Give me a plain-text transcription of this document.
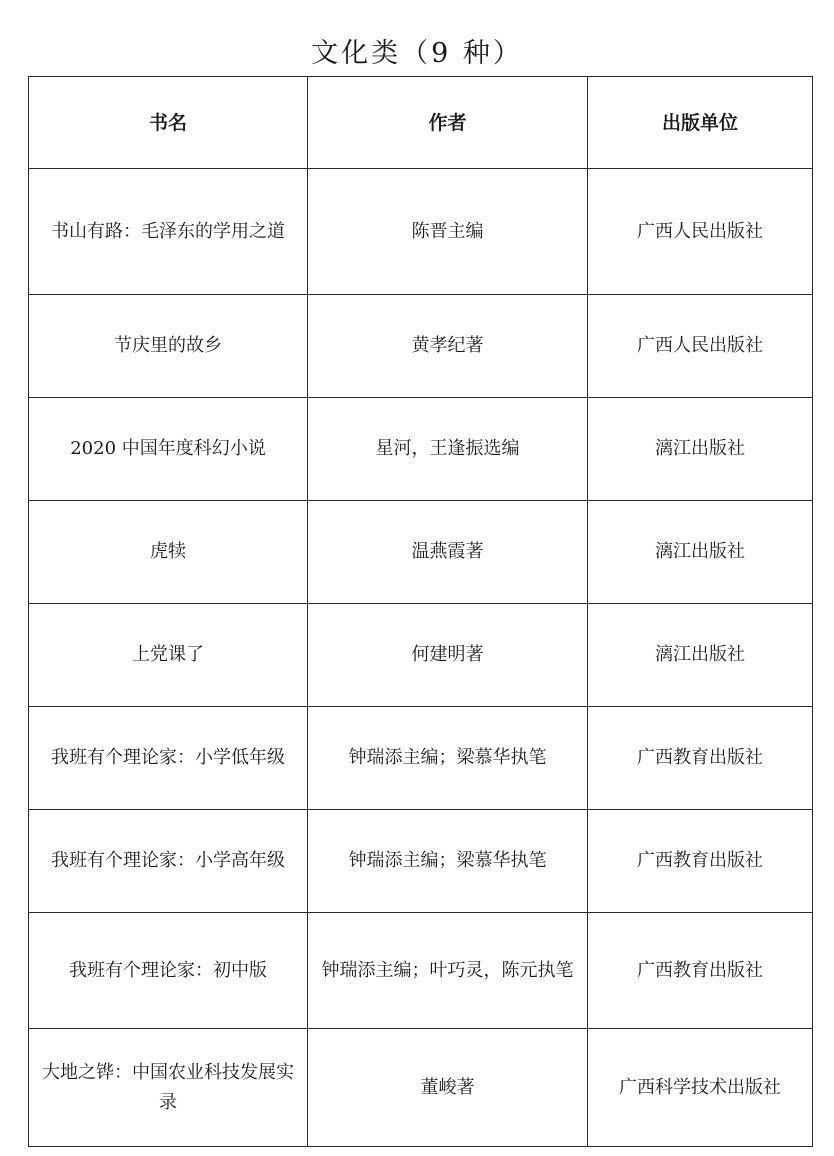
文化类（9 种）
书名	作者	出版单位
书山有路：毛泽东的学用之道	陈晋主编	广西人民出版社
节庆里的故乡	黄孝纪著	广西人民出版社
2020 中国年度科幻小说	星河，王逢振选编	漓江出版社
虎犊	温燕霞著	漓江出版社
上党课了	何建明著	漓江出版社
我班有个理论家：小学低年级	钟瑞添主编；梁慕华执笔	广西教育出版社
我班有个理论家：小学高年级	钟瑞添主编；梁慕华执笔	广西教育出版社
我班有个理论家：初中版	钟瑞添主编；叶巧灵，陈元执笔	广西教育出版社
大地之铧：中国农业科技发展实录	董峻著	广西科学技术出版社
